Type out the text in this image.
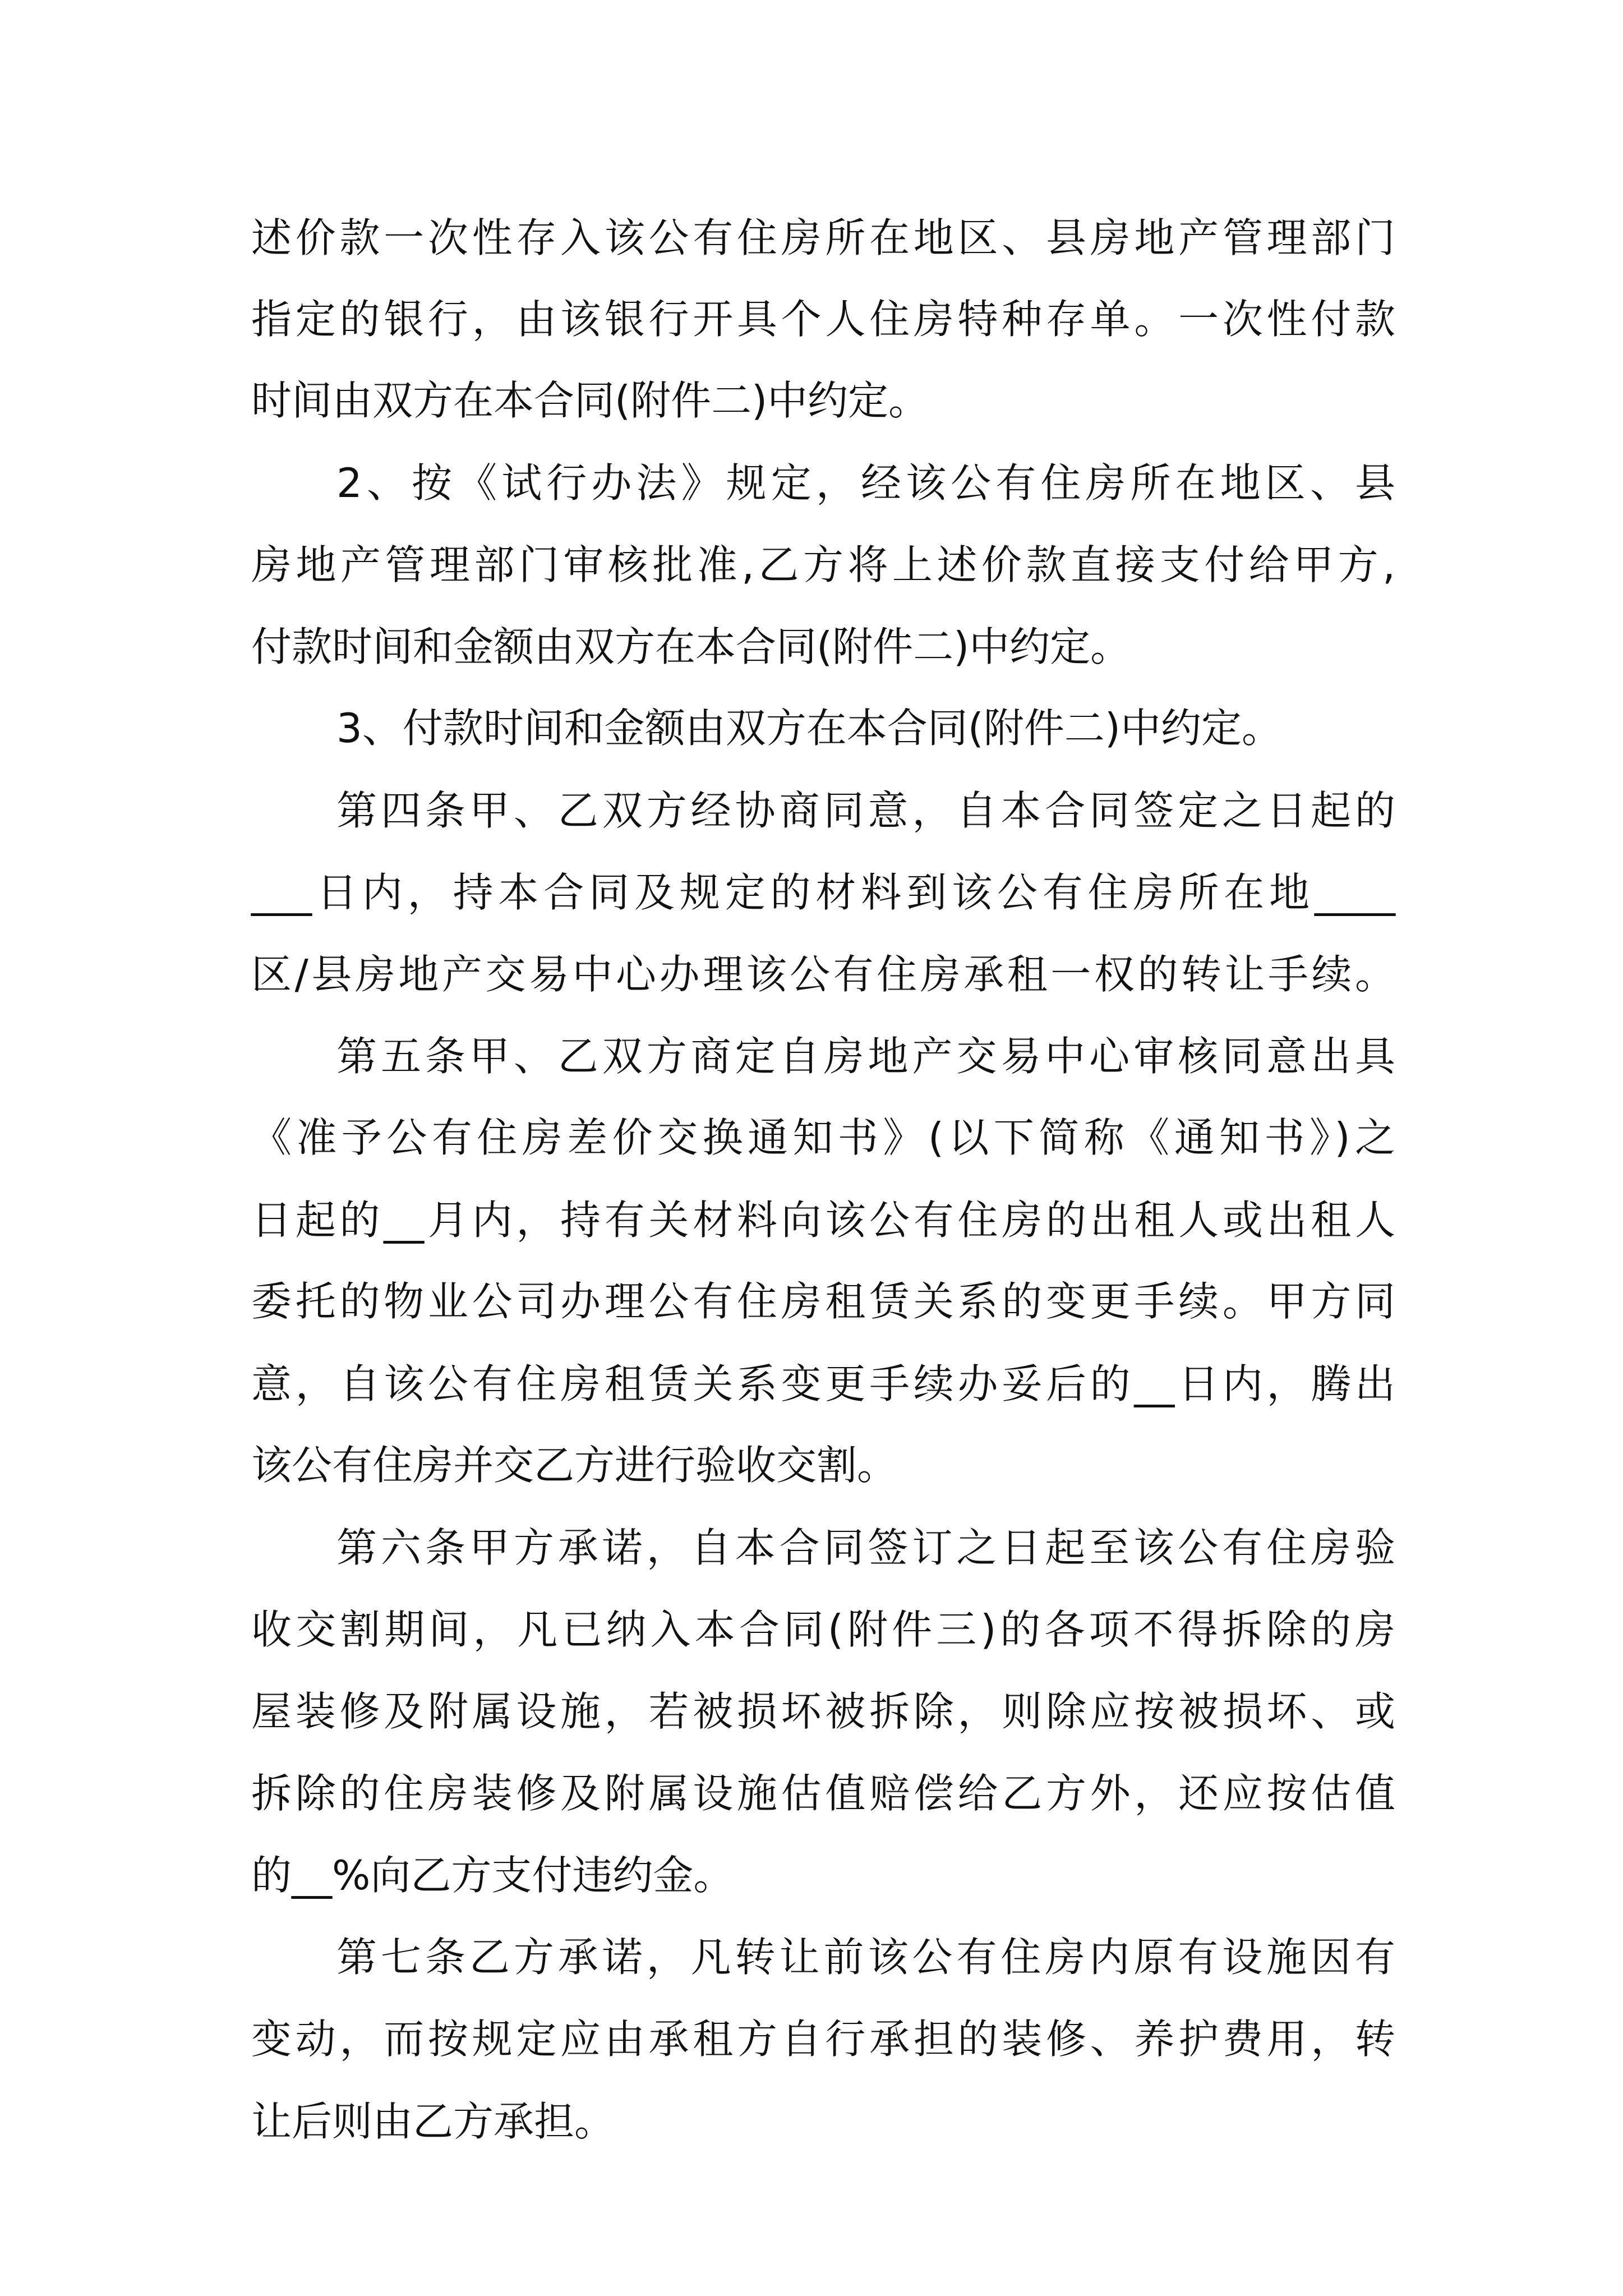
述价款一次性存入该公有住房所在地区、县房地产管理部门
指定的银行，由该银行开具个人住房特种存单。一次性付款
时间由双方在本合同(附件二)中约定。
2、按《试行办法》规定，经该公有住房所在地区、县
房地产管理部门审核批准,乙方将上述价款直接支付给甲方,
付款时间和金额由双方在本合同(附件二)中约定。
3、付款时间和金额由双方在本合同(附件二)中约定。
第四条甲、乙双方经协商同意，自本合同签定之日起的
___日内，持本合同及规定的材料到该公有住房所在地____
区/县房地产交易中心办理该公有住房承租一权的转让手续。
第五条甲、乙双方商定自房地产交易中心审核同意出具
《准予公有住房差价交换通知书》(以下简称《通知书》)之
日起的__月内，持有关材料向该公有住房的出租人或出租人
委托的物业公司办理公有住房租赁关系的变更手续。甲方同
意，自该公有住房租赁关系变更手续办妥后的__日内，腾出
该公有住房并交乙方进行验收交割。
第六条甲方承诺，自本合同签订之日起至该公有住房验
收交割期间，凡已纳入本合同(附件三)的各项不得拆除的房
屋装修及附属设施，若被损坏被拆除，则除应按被损坏、或
拆除的住房装修及附属设施估值赔偿给乙方外，还应按估值
的__%向乙方支付违约金。
第七条乙方承诺，凡转让前该公有住房内原有设施因有
变动，而按规定应由承租方自行承担的装修、养护费用，转
让后则由乙方承担。
